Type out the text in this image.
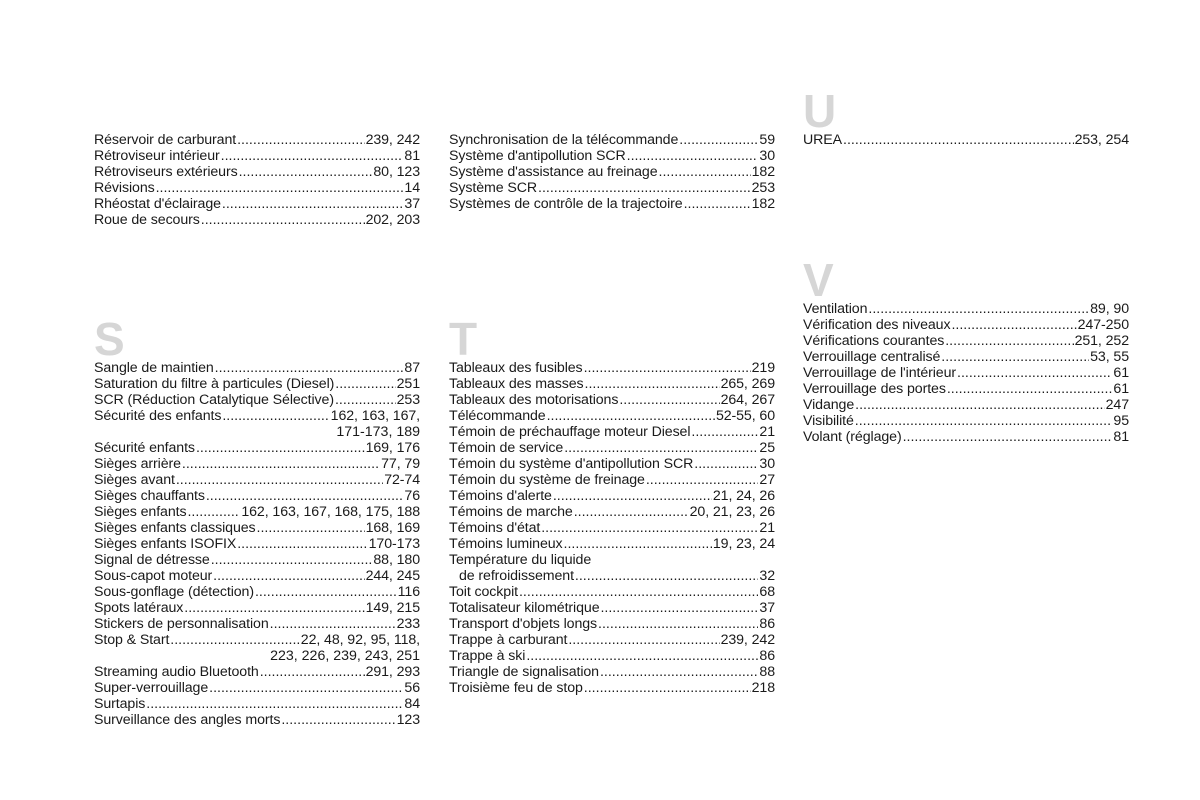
Réservoir de carburant .....	239, 242
Rétroviseur intérieur .....	81
Rétroviseurs extérieurs .....	80, 123
Révisions .....	14
Rhéostat d'éclairage .....	37
Roue de secours .....	202, 203
S
Sangle de maintien .....	87
Saturation du filtre à particules (Diesel) .....	251
SCR (Réduction Catalytique Sélective) .....	253
Sécurité des enfants .....	162, 163, 167,
171-173, 189
Sécurité enfants .....	169, 176
Sièges arrière .....	77, 79
Sièges avant .....	72-74
Sièges chauffants .....	76
Sièges enfants .....	162, 163, 167, 168, 175, 188
Sièges enfants classiques .....	168, 169
Sièges enfants ISOFIX .....	170-173
Signal de détresse .....	88, 180
Sous-capot moteur .....	244, 245
Sous-gonflage (détection) .....	116
Spots latéraux .....	149, 215
Stickers de personnalisation .....	233
Stop & Start .....	22, 48, 92, 95, 118,
223, 226, 239, 243, 251
Streaming audio Bluetooth .....	291, 293
Super-verrouillage .....	56
Surtapis .....	84
Surveillance des angles morts .....	123
Synchronisation de la télécommande .....	59
Système d'antipollution SCR .....	30
Système d'assistance au freinage .....	182
Système SCR .....	253
Systèmes de contrôle de la trajectoire .....	182
T
Tableaux des fusibles .....	219
Tableaux des masses .....	265, 269
Tableaux des motorisations .....	264, 267
Télécommande .....	52-55, 60
Témoin de préchauffage moteur Diesel .....	21
Témoin de service .....	25
Témoin du système d'antipollution SCR .....	30
Témoin du système de freinage .....	27
Témoins d'alerte .....	21, 24, 26
Témoins de marche .....	20, 21, 23, 26
Témoins d'état .....	21
Témoins lumineux .....	19, 23, 24
Température du liquide
de refroidissement .....	32
Toit cockpit .....	68
Totalisateur kilométrique .....	37
Transport d'objets longs .....	86
Trappe à carburant .....	239, 242
Trappe à ski .....	86
Triangle de signalisation .....	88
Troisième feu de stop .....	218
U
UREA .....	253, 254
V
Ventilation .....	89, 90
Vérification des niveaux .....	247-250
Vérifications courantes .....	251, 252
Verrouillage centralisé .....	53, 55
Verrouillage de l'intérieur .....	61
Verrouillage des portes .....	61
Vidange .....	247
Visibilité .....	95
Volant (réglage) .....	81
